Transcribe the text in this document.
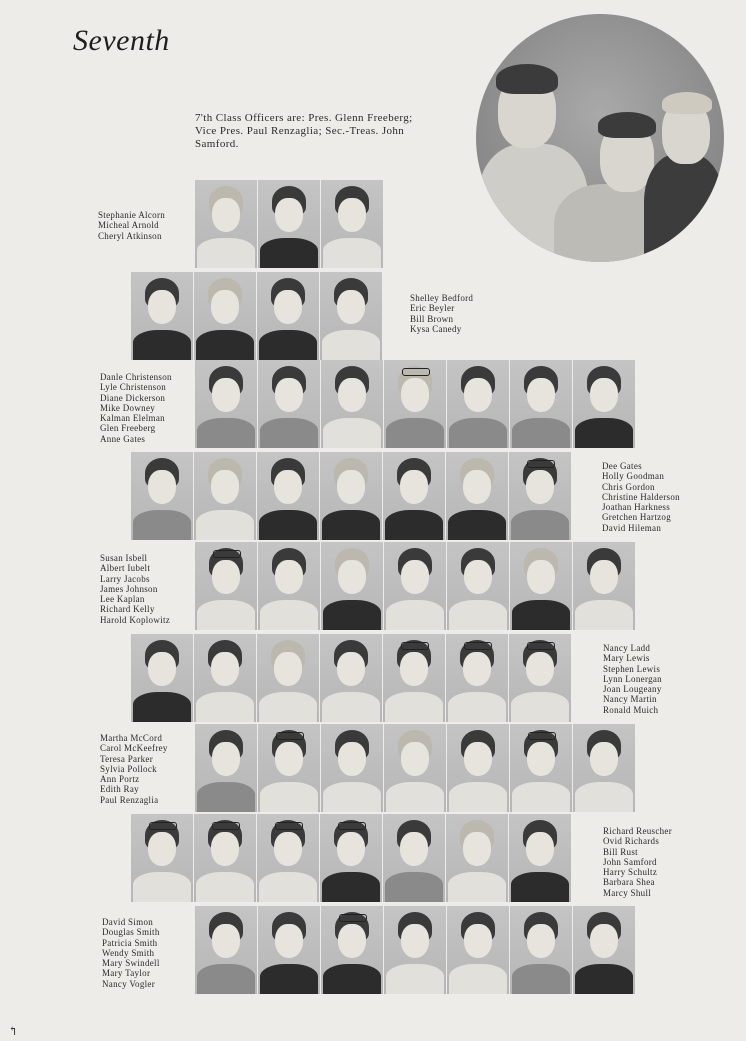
Seventh
7'th Class Officers are: Pres. Glenn Freeberg;
Vice Pres. Paul Renzaglia; Sec.-Treas. John
Samford.
Stephanie Alcorn
Micheal Arnold
Cheryl Atkinson
Shelley Bedford
Eric Beyler
Bill Brown
Kysa Canedy
Danle Christenson
Lyle Christenson
Diane Dickerson
Mike Downey
Kalman Elelman
Glen Freeberg
Anne Gates
Dee Gates
Holly Goodman
Chris Gordon
Christine Halderson
Joathan Harkness
Gretchen Hartzog
David Hileman
Susan Isbell
Albert Iubelt
Larry Jacobs
James Johnson
Lee Kaplan
Richard Kelly
Harold Koplowitz
Nancy Ladd
Mary Lewis
Stephen Lewis
Lynn Lonergan
Joan Lougeany
Nancy Martin
Ronald Muich
Martha McCord
Carol McKeefrey
Teresa Parker
Sylvia Pollock
Ann Portz
Edith Ray
Paul Renzaglia
Richard Reuscher
Ovid Richards
Bill Rust
John Samford
Harry Schultz
Barbara Shea
Marcy Shull
David Simon
Douglas Smith
Patricia Smith
Wendy Smith
Mary Swindell
Mary Taylor
Nancy Vogler
↰
